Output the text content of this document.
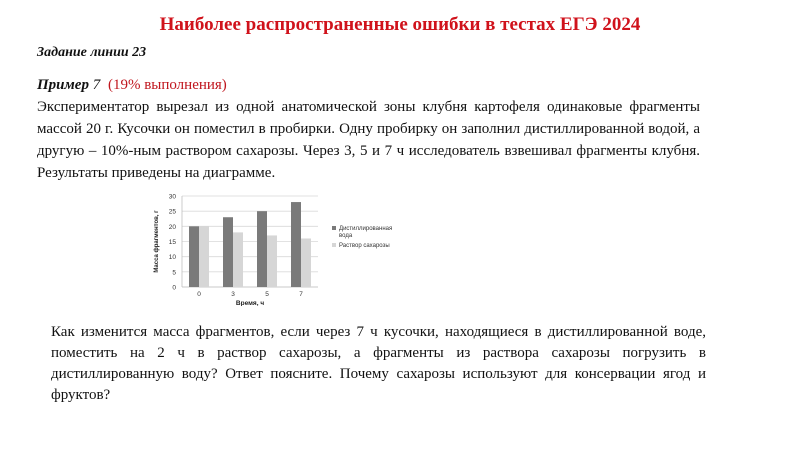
Наиболее распространенные ошибки в тестах ЕГЭ 2024
Задание линии 23
Пример 7 (19% выполнения)
Экспериментатор вырезал из одной анатомической зоны клубня картофеля одинаковые фрагменты массой 20 г. Кусочки он поместил в пробирки. Одну пробирку он заполнил дистиллированной водой, а другую – 10%-ным раствором сахарозы. Через 3, 5 и 7 ч исследователь взвешивал фрагменты клубня. Результаты приведены на диаграмме.
0
5
10
15
20
25
30
0	3	5	7
Время, ч
Масса фрагментов, г	Дистиллированная
вода
Раствор сахарозы
Как изменится масса фрагментов, если через 7 ч кусочки, находящиеся в дистиллированной воде, поместить на 2 ч в раствор сахарозы, а фрагменты из раствора сахарозы погрузить в дистиллированную воду? Ответ поясните. Почему сахарозы используют для консервации ягод и фруктов?
